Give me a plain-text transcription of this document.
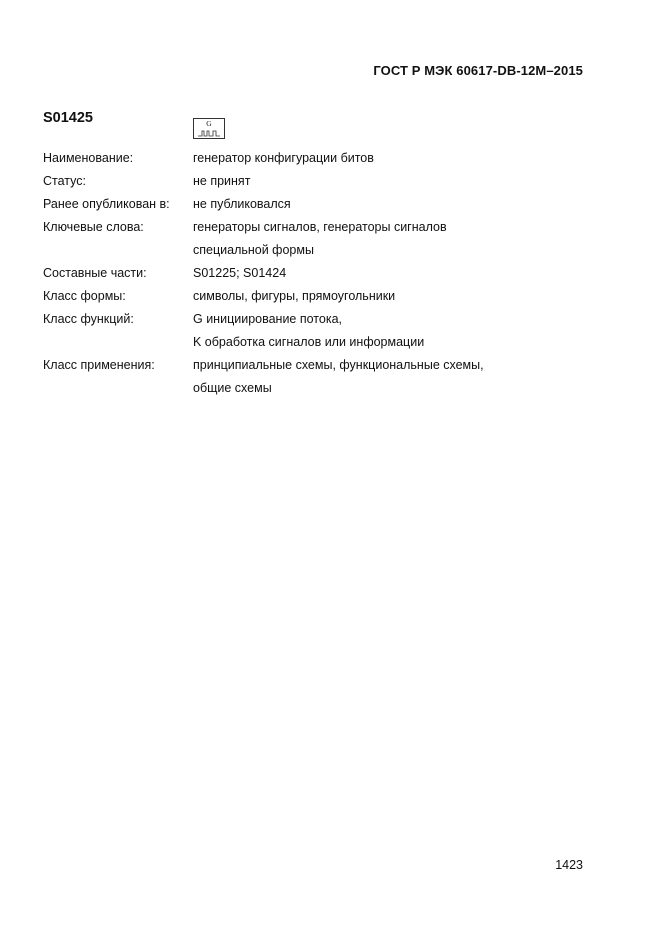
ГОСТ Р МЭК 60617-DB-12M–2015
S01425	G
Наименование:	генератор конфигурации битов
Статус:	не принят
Ранее опубликован в:	не публиковался
Ключевые слова:	генераторы сигналов, генераторы сигналов
специальной формы
Составные части:	S01225; S01424
Класс формы:	символы, фигуры, прямоугольники
Класс функций:	G инициирование потока,
K обработка сигналов или информации
Класс применения:	принципиальные схемы, функциональные схемы,
общие схемы
1423
